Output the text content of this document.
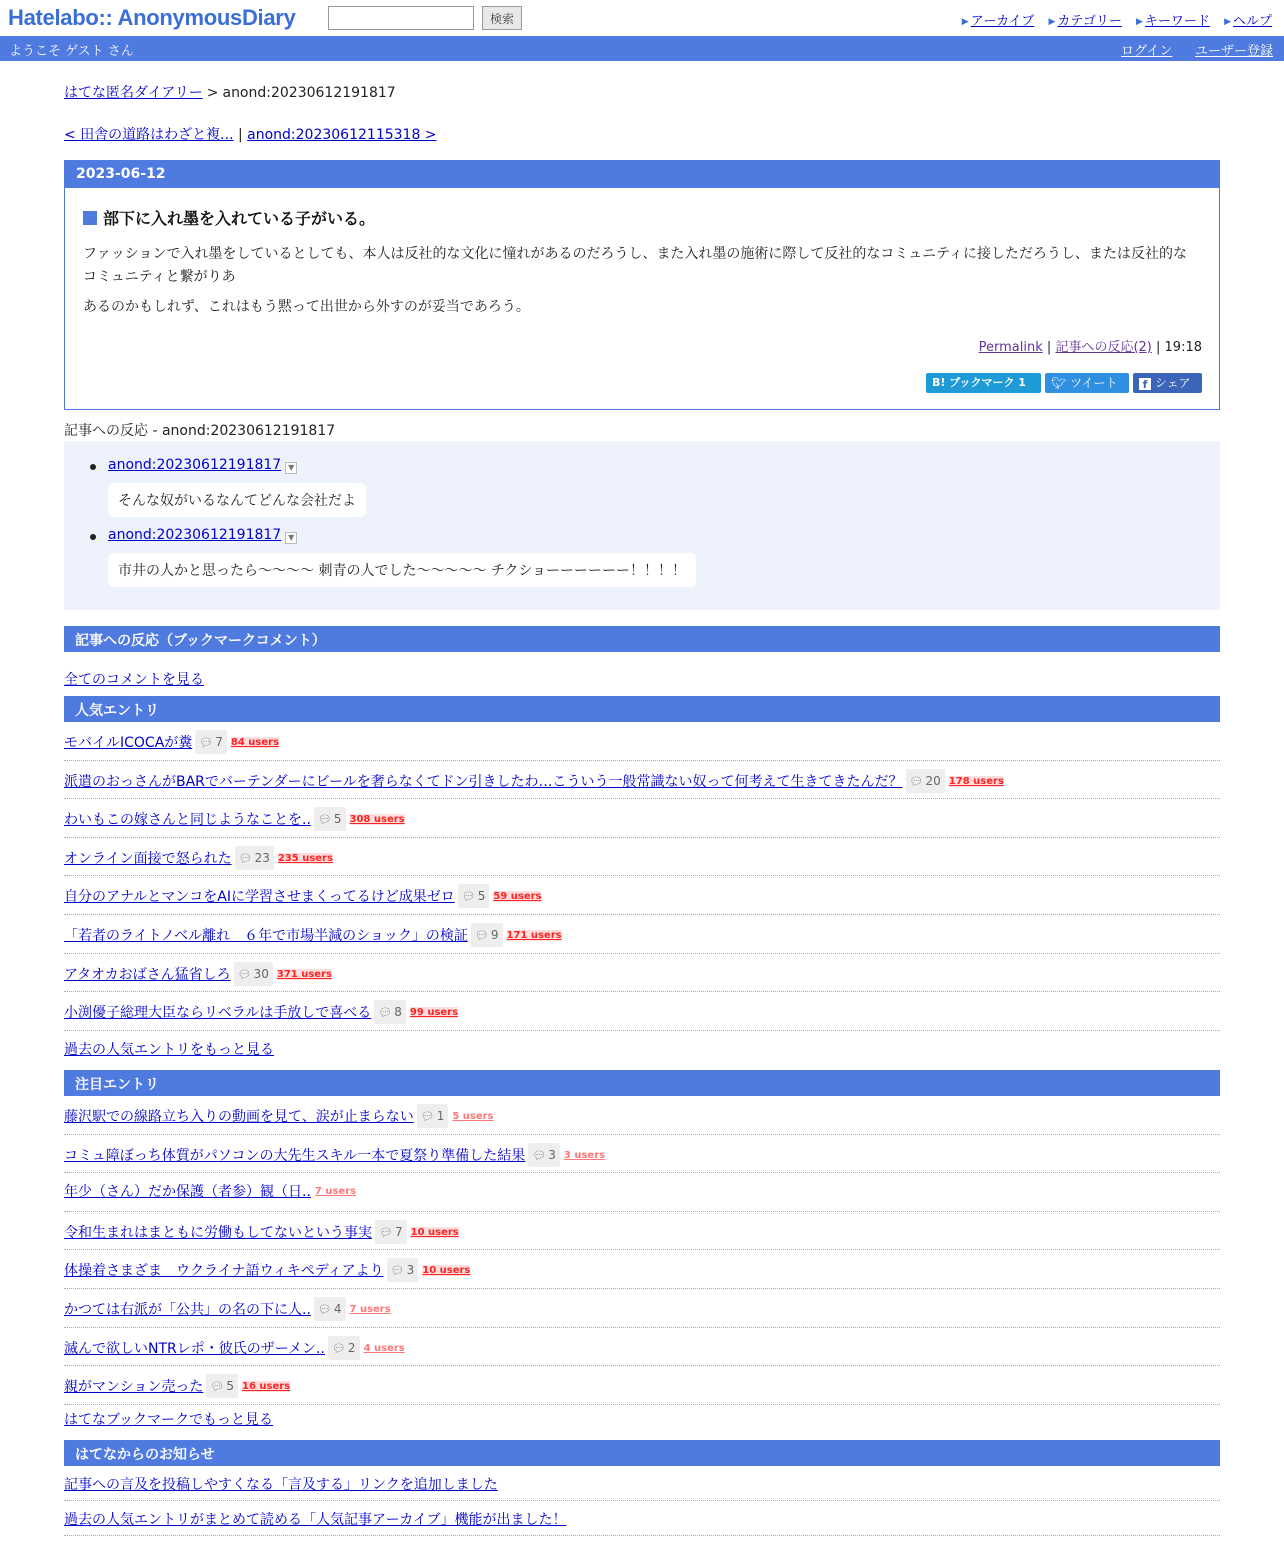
Hatelabo:: AnonymousDiary	検索	▶ アーカイブ ▶ カテゴリー ▶ キーワード ▶ ヘルプ
ようこそ ゲスト さん	ログイン ユーザー登録
はてな匿名ダイアリー > anond:20230612191817
< 田舎の道路はわざと複... | anond:20230612115318 >
2023-06-12
部下に入れ墨を入れている子がいる。
ファッションで入れ墨をしているとしても、本人は反社的な文化に憧れがあるのだろうし、また入れ墨の施術に際して反社的なコミュニティに接しただろうし、または反社的なコミュニティと繋がりあ
あるのかもしれず、これはもう黙って出世から外すのが妥当であろう。
Permalink | 記事への反応(2) | 19:18
B! ブックマーク 1 🐦︎ ツイート f シェア
記事への反応 - anond:20230612191817
anond:20230612191817 ▼
そんな奴がいるなんてどんな会社だよ
anond:20230612191817 ▼
市井の人かと思ったら〜〜〜〜 刺青の人でした〜〜〜〜〜 チクショーーーーーー！！！！
記事への反応（ブックマークコメント）
全てのコメントを見る
人気エントリ
モバイルICOCAが糞 💬︎ 7 84 users
派遣のおっさんがBARでバーテンダーにビールを奢らなくてドン引きしたわ…こういう一般常識ない奴って何考えて生きてきたんだ？ 💬︎ 20 178 users
わいもこの嫁さんと同じようなことを.. 💬︎ 5 308 users
オンライン面接で怒られた 💬︎ 23 235 users
自分のアナルとマンコをAIに学習させまくってるけど成果ゼロ 💬︎ 5 59 users
「若者のライトノベル離れ　６年で市場半減のショック」の検証 💬︎ 9 171 users
アタオカおばさん猛省しろ 💬︎ 30 371 users
小渕優子総理大臣ならリベラルは手放しで喜べる 💬︎ 8 99 users
過去の人気エントリをもっと見る
注目エントリ
藤沢駅での線路立ち入りの動画を見て、涙が止まらない 💬︎ 1 5 users
コミュ障ぼっち体質がパソコンの大先生スキル一本で夏祭り準備した結果 💬︎ 3 3 users
年少（さん）だか保護（者参）観（日.. 7 users
令和生まれはまともに労働もしてないという事実 💬︎ 7 10 users
体操着さまざま　ウクライナ語ウィキペディアより 💬︎ 3 10 users
かつては右派が「公共」の名の下に人.. 💬︎ 4 7 users
滅んで欲しいNTRレポ・彼氏のザーメン.. 💬︎ 2 4 users
親がマンション売った 💬︎ 5 16 users
はてなブックマークでもっと見る
はてなからのお知らせ
記事への言及を投稿しやすくなる「言及する」リンクを追加しました
過去の人気エントリがまとめて読める「人気記事アーカイブ」機能が出ました！
